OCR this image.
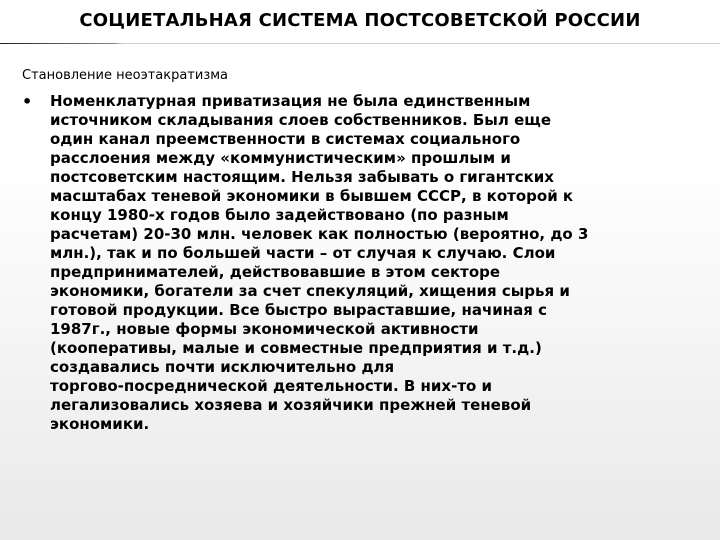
СОЦИЕТАЛЬНАЯ СИСТЕМА ПОСТСОВЕТСКОЙ РОССИИ
Становление неоэтакратизма
• Номенклатурная приватизация не была единственным
источником складывания слоев собственников. Был еще
один канал преемственности в системах социального
расслоения между «коммунистическим» прошлым и
постсоветским настоящим. Нельзя забывать о гигантских
масштабах теневой экономики в бывшем СССР, в которой к
концу 1980-х годов было задействовано (по разным
расчетам) 20-30 млн. человек как полностью (вероятно, до 3
млн.), так и по большей части – от случая к случаю. Слои
предпринимателей, действовавшие в этом секторе
экономики, богатели за счет спекуляций, хищения сырья и
готовой продукции. Все быстро выраставшие, начиная с
1987г., новые формы экономической активности
(кооперативы, малые и совместные предприятия и т.д.)
создавались почти исключительно для
торгово-посреднической деятельности. В них-то и
легализовались хозяева и хозяйчики прежней теневой
экономики.
